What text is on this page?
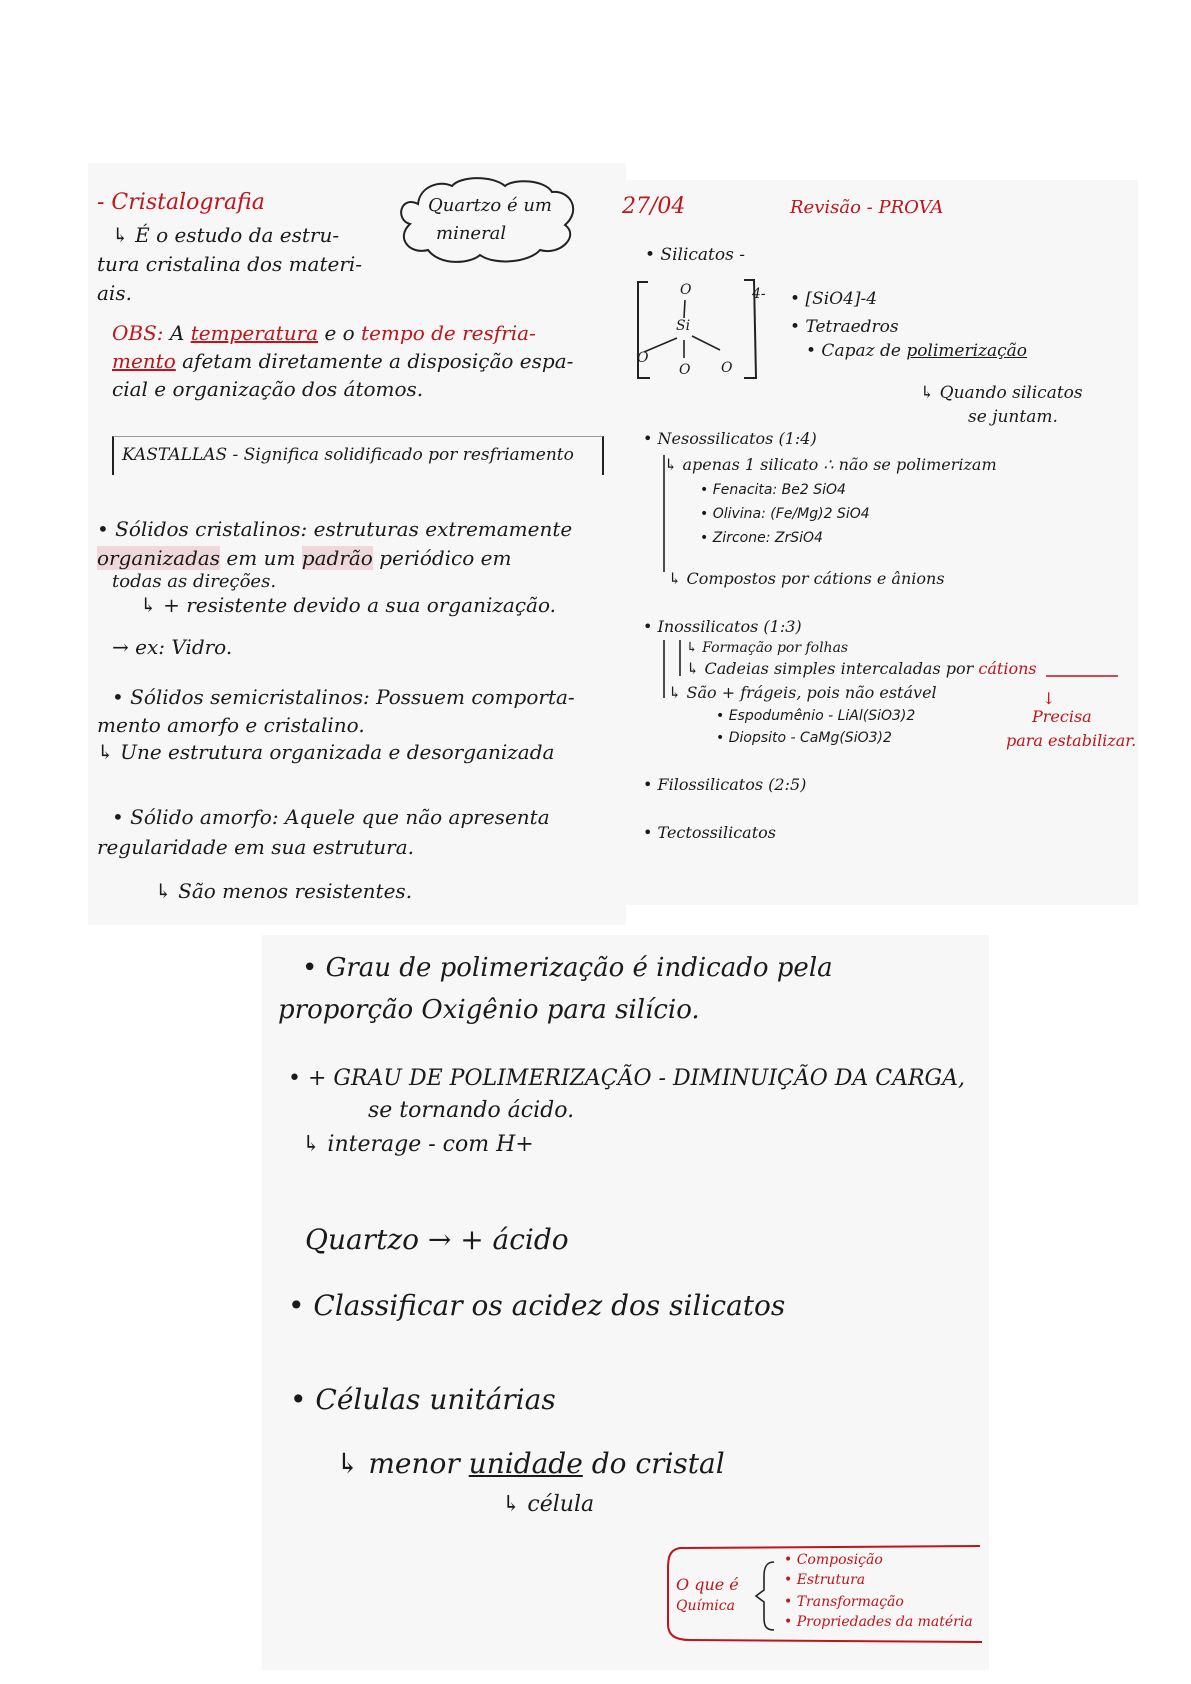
- Cristalografia
↳ É o estudo da estru-
tura cristalina dos materi-
ais.
Quartzo é um
mineral
OBS: A temperatura e o tempo de resfria-
mento afetam diretamente a disposição espa-
cial e organização dos átomos.
KASTALLAS - Significa solidificado por resfriamento
• Sólidos cristalinos: estruturas extremamente
organizadas em um padrão periódico em
todas as direções.
↳ + resistente devido a sua organização.
→ ex: Vidro.
• Sólidos semicristalinos: Possuem comporta-
mento amorfo e cristalino.
↳ Une estrutura organizada e desorganizada
• Sólido amorfo: Aquele que não apresenta
regularidade em sua estrutura.
↳ São menos resistentes.
27/04	Revisão - PROVA
• Silicatos -
O
Si
O
O O
4- • [SiO4]-4
• Tetraedros
• Capaz de polimerização
↳ Quando silicatos
se juntam.
• Nesossilicatos (1:4)
↳ apenas 1 silicato ∴ não se polimerizam
• Fenacita: Be2 SiO4
• Olivina: (Fe/Mg)2 SiO4
• Zircone: ZrSiO4
↳ Compostos por cátions e ânions
• Inossilicatos (1:3)
↳ Formação por folhas
↳ Cadeias simples intercaladas por cátions
↳ São + frágeis, pois não estável
• Espodumênio - LiAl(SiO3)2
• Diopsito - CaMg(SiO3)2
↓
Precisa
para estabilizar.
• Filossilicatos (2:5)
• Tectossilicatos
• Grau de polimerização é indicado pela
proporção Oxigênio para silício.
• + GRAU DE POLIMERIZAÇÃO - DIMINUIÇÃO DA CARGA,
se tornando ácido.
↳ interage - com H+
Quartzo → + ácido
• Classificar os acidez dos silicatos
• Células unitárias
↳ menor unidade do cristal
↳ célula
O que é
Química
• Composição
• Estrutura
• Transformação
• Propriedades da matéria
